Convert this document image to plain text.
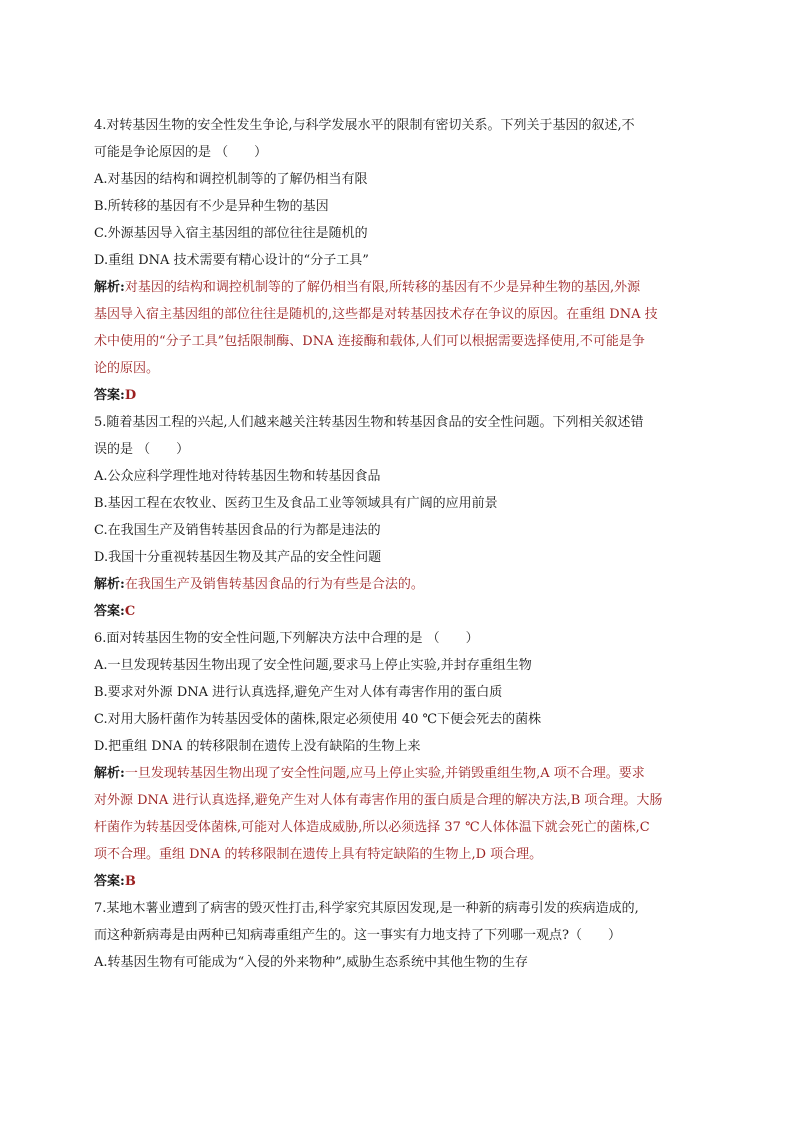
4.对转基因生物的安全性发生争论,与科学发展水平的限制有密切关系。下列关于基因的叙述,不
可能是争论原因的是 （　　）
A.对基因的结构和调控机制等的了解仍相当有限
B.所转移的基因有不少是异种生物的基因
C.外源基因导入宿主基因组的部位往往是随机的
D.重组 DNA 技术需要有精心设计的“分子工具”
解析:对基因的结构和调控机制等的了解仍相当有限,所转移的基因有不少是异种生物的基因,外源
基因导入宿主基因组的部位往往是随机的,这些都是对转基因技术存在争议的原因。在重组 DNA 技
术中使用的“分子工具”包括限制酶、DNA 连接酶和载体,人们可以根据需要选择使用,不可能是争
论的原因。
答案:D
5.随着基因工程的兴起,人们越来越关注转基因生物和转基因食品的安全性问题。下列相关叙述错
误的是 （　　）
A.公众应科学理性地对待转基因生物和转基因食品
B.基因工程在农牧业、医药卫生及食品工业等领域具有广阔的应用前景
C.在我国生产及销售转基因食品的行为都是违法的
D.我国十分重视转基因生物及其产品的安全性问题
解析:在我国生产及销售转基因食品的行为有些是合法的。
答案:C
6.面对转基因生物的安全性问题,下列解决方法中合理的是 （　　）
A.一旦发现转基因生物出现了安全性问题,要求马上停止实验,并封存重组生物
B.要求对外源 DNA 进行认真选择,避免产生对人体有毒害作用的蛋白质
C.对用大肠杆菌作为转基因受体的菌株,限定必须使用 40 ℃下便会死去的菌株
D.把重组 DNA 的转移限制在遗传上没有缺陷的生物上来
解析:一旦发现转基因生物出现了安全性问题,应马上停止实验,并销毁重组生物,A 项不合理。要求
对外源 DNA 进行认真选择,避免产生对人体有毒害作用的蛋白质是合理的解决方法,B 项合理。大肠
杆菌作为转基因受体菌株,可能对人体造成威胁,所以必须选择 37 ℃人体体温下就会死亡的菌株,C
项不合理。重组 DNA 的转移限制在遗传上具有特定缺陷的生物上,D 项合理。
答案:B
7.某地木薯业遭到了病害的毁灭性打击,科学家究其原因发现,是一种新的病毒引发的疾病造成的,
而这种新病毒是由两种已知病毒重组产生的。这一事实有力地支持了下列哪一观点?（　　）
A.转基因生物有可能成为“入侵的外来物种”,威胁生态系统中其他生物的生存
